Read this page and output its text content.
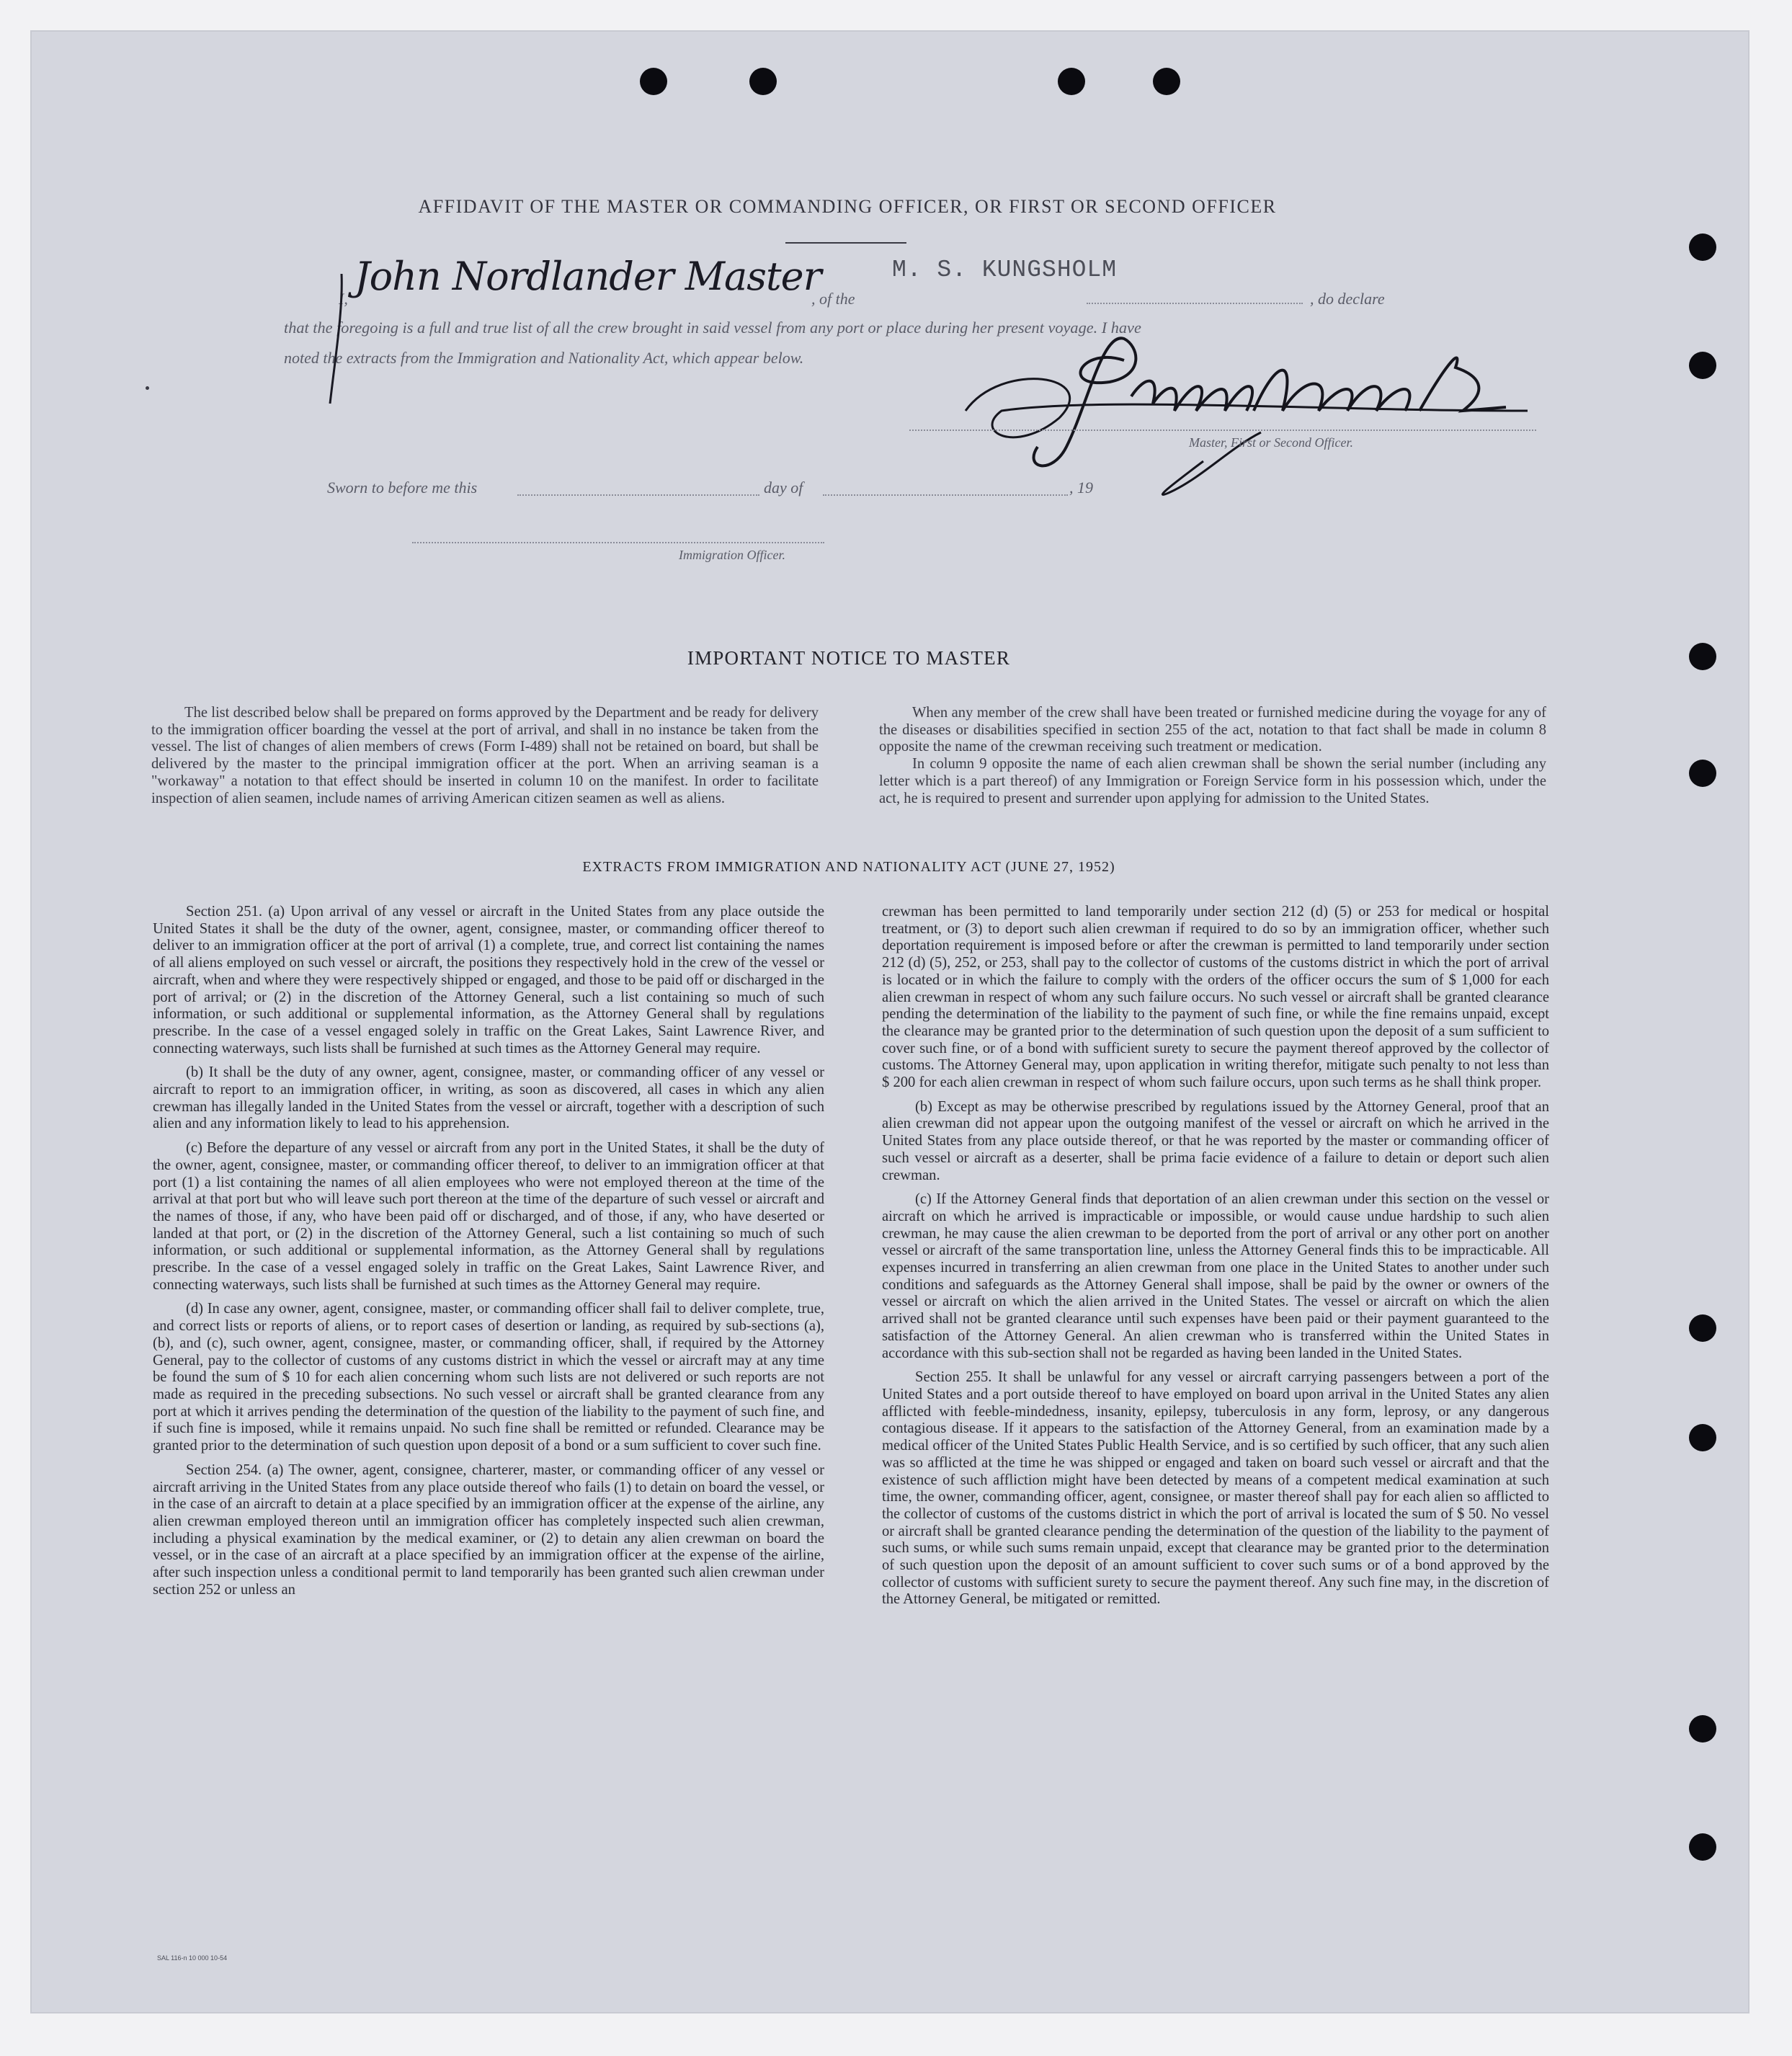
AFFIDAVIT OF THE MASTER OR COMMANDING OFFICER, OR FIRST OR SECOND OFFICER
I, John Nordlander Master
, of the
M. S. KUNGSHOLM
, do declare
that the foregoing is a full and true list of all the crew brought in said vessel from any port or place during her present voyage. I have
noted the extracts from the Immigration and Nationality Act, which appear below.
Master, First or Second Officer.
Sworn to before me this	day of	, 19
Immigration Officer.
IMPORTANT NOTICE TO MASTER

The list described below shall be prepared on forms approved by the Department and be ready for delivery to the immigration officer boarding the vessel at the port of arrival, and shall in no instance be taken from the vessel. The list of changes of alien members of crews (Form I-489) shall not be retained on board, but shall be delivered by the master to the principal immigration officer at the port. When an arriving seaman is a "workaway" a notation to that effect should be inserted in column 10 on the manifest. In order to facilitate inspection of alien seamen, include names of arriving American citizen seamen as well as aliens.

When any member of the crew shall have been treated or furnished medicine during the voyage for any of the diseases or disabilities specified in section 255 of the act, notation to that fact shall be made in column 8 opposite the name of the crewman receiving such treatment or medication.

In column 9 opposite the name of each alien crewman shall be shown the serial number (including any letter which is a part thereof) of any Immigration or Foreign Service form in his possession which, under the act, he is required to present and surrender upon applying for admission to the United States.

EXTRACTS FROM IMMIGRATION AND NATIONALITY ACT (JUNE 27, 1952)

Section 251. (a) Upon arrival of any vessel or aircraft in the United States from any place outside the United States it shall be the duty of the owner, agent, consignee, master, or commanding officer thereof to deliver to an immigration officer at the port of arrival (1) a complete, true, and correct list containing the names of all aliens employed on such vessel or aircraft, the positions they respectively hold in the crew of the vessel or aircraft, when and where they were respectively shipped or engaged, and those to be paid off or discharged in the port of arrival; or (2) in the discretion of the Attorney General, such a list containing so much of such information, or such additional or supplemental information, as the Attorney General shall by regulations prescribe. In the case of a vessel engaged solely in traffic on the Great Lakes, Saint Lawrence River, and connecting waterways, such lists shall be furnished at such times as the Attorney General may require.

(b) It shall be the duty of any owner, agent, consignee, master, or commanding officer of any vessel or aircraft to report to an immigration officer, in writing, as soon as discovered, all cases in which any alien crewman has illegally landed in the United States from the vessel or aircraft, together with a description of such alien and any information likely to lead to his apprehension.

(c) Before the departure of any vessel or aircraft from any port in the United States, it shall be the duty of the owner, agent, consignee, master, or commanding officer thereof, to deliver to an immigration officer at that port (1) a list containing the names of all alien employees who were not employed thereon at the time of the arrival at that port but who will leave such port thereon at the time of the departure of such vessel or aircraft and the names of those, if any, who have been paid off or discharged, and of those, if any, who have deserted or landed at that port, or (2) in the discretion of the Attorney General, such a list containing so much of such information, or such additional or supplemental information, as the Attorney General shall by regulations prescribe. In the case of a vessel engaged solely in traffic on the Great Lakes, Saint Lawrence River, and connecting waterways, such lists shall be furnished at such times as the Attorney General may require.

(d) In case any owner, agent, consignee, master, or commanding officer shall fail to deliver complete, true, and correct lists or reports of aliens, or to report cases of desertion or landing, as required by sub-sections (a), (b), and (c), such owner, agent, consignee, master, or commanding officer, shall, if required by the Attorney General, pay to the collector of customs of any customs district in which the vessel or aircraft may at any time be found the sum of $ 10 for each alien concerning whom such lists are not delivered or such reports are not made as required in the preceding subsections. No such vessel or aircraft shall be granted clearance from any port at which it arrives pending the determination of the question of the liability to the payment of such fine, and if such fine is imposed, while it remains unpaid. No such fine shall be remitted or refunded. Clearance may be granted prior to the determination of such question upon deposit of a bond or a sum sufficient to cover such fine.

Section 254. (a) The owner, agent, consignee, charterer, master, or commanding officer of any vessel or aircraft arriving in the United States from any place outside thereof who fails (1) to detain on board the vessel, or in the case of an aircraft to detain at a place specified by an immigration officer at the expense of the airline, any alien crewman employed thereon until an immigration officer has completely inspected such alien crewman, including a physical examination by the medical examiner, or (2) to detain any alien crewman on board the vessel, or in the case of an aircraft at a place specified by an immigration officer at the expense of the airline, after such inspection unless a conditional permit to land temporarily has been granted such alien crewman under section 252 or unless an

crewman has been permitted to land temporarily under section 212 (d) (5) or 253 for medical or hospital treatment, or (3) to deport such alien crewman if required to do so by an immigration officer, whether such deportation requirement is imposed before or after the crewman is permitted to land temporarily under section 212 (d) (5), 252, or 253, shall pay to the collector of customs of the customs district in which the port of arrival is located or in which the failure to comply with the orders of the officer occurs the sum of $ 1,000 for each alien crewman in respect of whom any such failure occurs. No such vessel or aircraft shall be granted clearance pending the determination of the liability to the payment of such fine, or while the fine remains unpaid, except the clearance may be granted prior to the determination of such question upon the deposit of a sum sufficient to cover such fine, or of a bond with sufficient surety to secure the payment thereof approved by the collector of customs. The Attorney General may, upon application in writing therefor, mitigate such penalty to not less than $ 200 for each alien crewman in respect of whom such failure occurs, upon such terms as he shall think proper.

(b) Except as may be otherwise prescribed by regulations issued by the Attorney General, proof that an alien crewman did not appear upon the outgoing manifest of the vessel or aircraft on which he arrived in the United States from any place outside thereof, or that he was reported by the master or commanding officer of such vessel or aircraft as a deserter, shall be prima facie evidence of a failure to detain or deport such alien crewman.

(c) If the Attorney General finds that deportation of an alien crewman under this section on the vessel or aircraft on which he arrived is impracticable or impossible, or would cause undue hardship to such alien crewman, he may cause the alien crewman to be deported from the port of arrival or any other port on another vessel or aircraft of the same transportation line, unless the Attorney General finds this to be impracticable. All expenses incurred in transferring an alien crewman from one place in the United States to another under such conditions and safeguards as the Attorney General shall impose, shall be paid by the owner or owners of the vessel or aircraft on which the alien arrived in the United States. The vessel or aircraft on which the alien arrived shall not be granted clearance until such expenses have been paid or their payment guaranteed to the satisfaction of the Attorney General. An alien crewman who is transferred within the United States in accordance with this sub-section shall not be regarded as having been landed in the United States.

Section 255. It shall be unlawful for any vessel or aircraft carrying passengers between a port of the United States and a port outside thereof to have employed on board upon arrival in the United States any alien afflicted with feeble-mindedness, insanity, epilepsy, tuberculosis in any form, leprosy, or any dangerous contagious disease. If it appears to the satisfaction of the Attorney General, from an examination made by a medical officer of the United States Public Health Service, and is so certified by such officer, that any such alien was so afflicted at the time he was shipped or engaged and taken on board such vessel or aircraft and that the existence of such affliction might have been detected by means of a competent medical examination at such time, the owner, commanding officer, agent, consignee, or master thereof shall pay for each alien so afflicted to the collector of customs of the customs district in which the port of arrival is located the sum of $ 50. No vessel or aircraft shall be granted clearance pending the determination of the question of the liability to the payment of such sums, or while such sums remain unpaid, except that clearance may be granted prior to the determination of such question upon the deposit of an amount sufficient to cover such sums or of a bond approved by the collector of customs with sufficient surety to secure the payment thereof. Any such fine may, in the discretion of the Attorney General, be mitigated or remitted.

SAL 116-n 10 000 10-54
